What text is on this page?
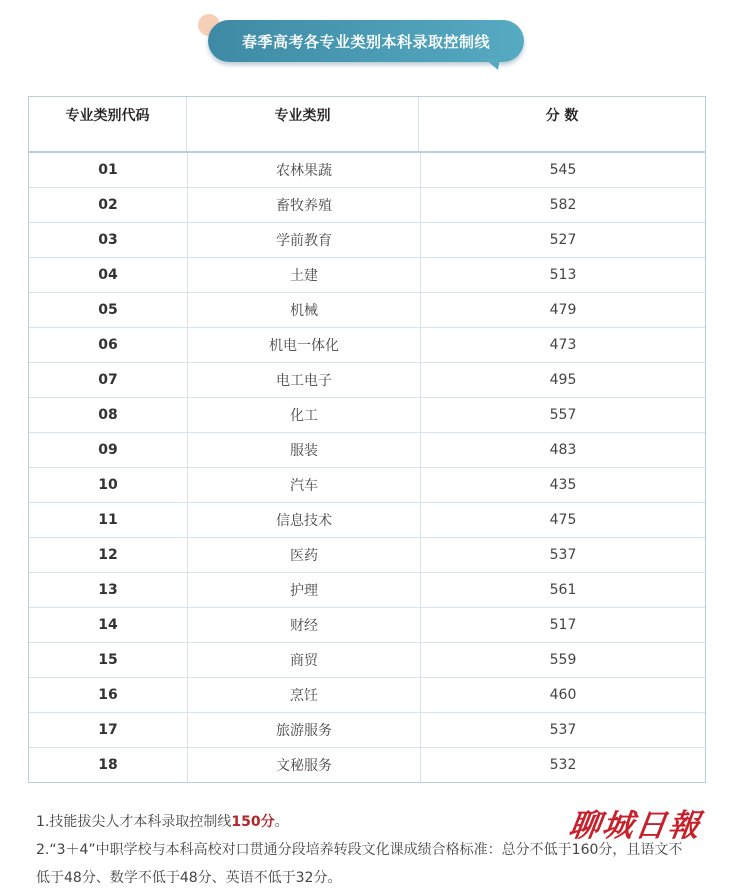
春季高考各专业类别本科录取控制线
专业类别代码	专业类别	分 数
01	农林果蔬	545
02	畜牧养殖	582
03	学前教育	527
04	土建	513
05	机械	479
06	机电一体化	473
07	电工电子	495
08	化工	557
09	服装	483
10	汽车	435
11	信息技术	475
12	医药	537
13	护理	561
14	财经	517
15	商贸	559
16	烹饪	460
17	旅游服务	537
18	文秘服务	532
聊城日報
1.技能拔尖人才本科录取控制线150分。
2.“3＋4”中职学校与本科高校对口贯通分段培养转段文化课成绩合格标准：总分不低于160分，且语文不低于48分、数学不低于48分、英语不低于32分。
